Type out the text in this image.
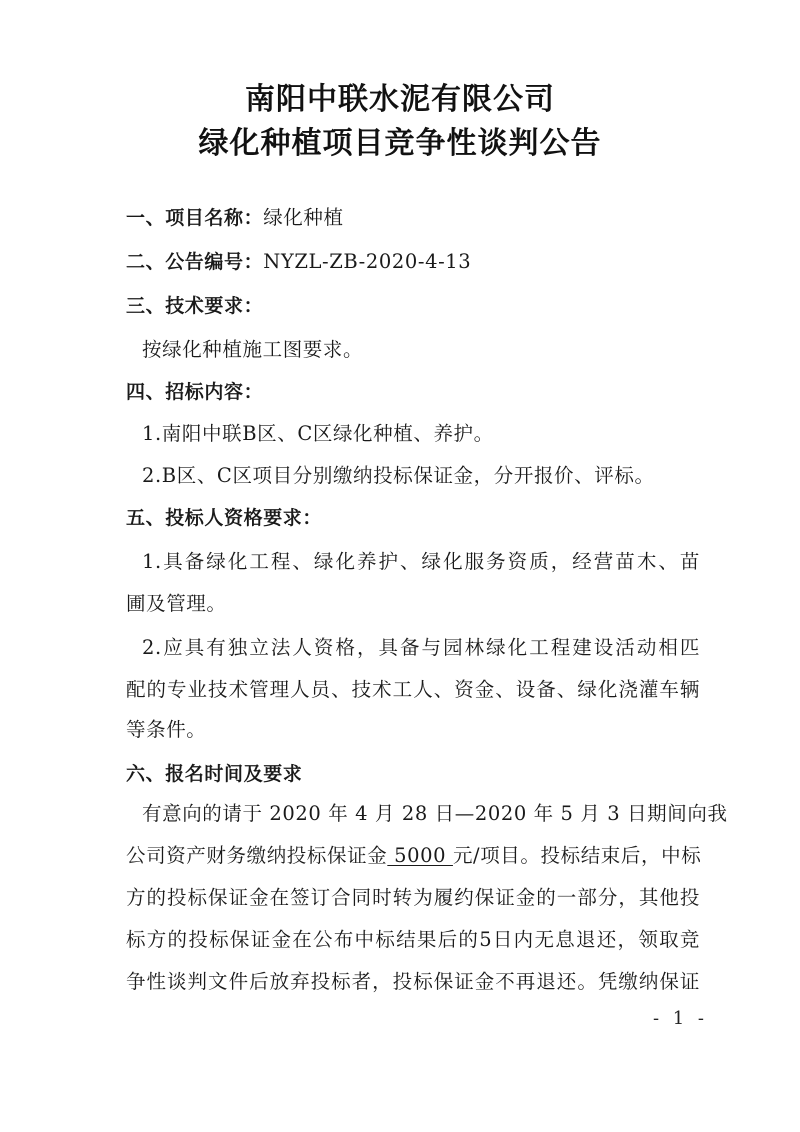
南阳中联水泥有限公司
绿化种植项目竞争性谈判公告
一、项目名称：绿化种植
二、公告编号：NYZL-ZB-2020-4-13
三、技术要求：
按绿化种植施工图要求。
四、招标内容：
1.南阳中联B区、C区绿化种植、养护。
2.B区、C区项目分别缴纳投标保证金，分开报价、评标。
五、投标人资格要求：
1.具备绿化工程、绿化养护、绿化服务资质，经营苗木、苗
圃及管理。
2.应具有独立法人资格，具备与园林绿化工程建设活动相匹
配的专业技术管理人员、技术工人、资金、设备、绿化浇灌车辆
等条件。
六、报名时间及要求
有意向的请于 2020 年 4 月 28 日—2020 年 5 月 3 日期间向我
公司资产财务缴纳投标保证金 5000 元/项目。投标结束后，中标
方的投标保证金在签订合同时转为履约保证金的一部分，其他投
标方的投标保证金在公布中标结果后的5日内无息退还，领取竞
争性谈判文件后放弃投标者，投标保证金不再退还。凭缴纳保证
- 1 -
